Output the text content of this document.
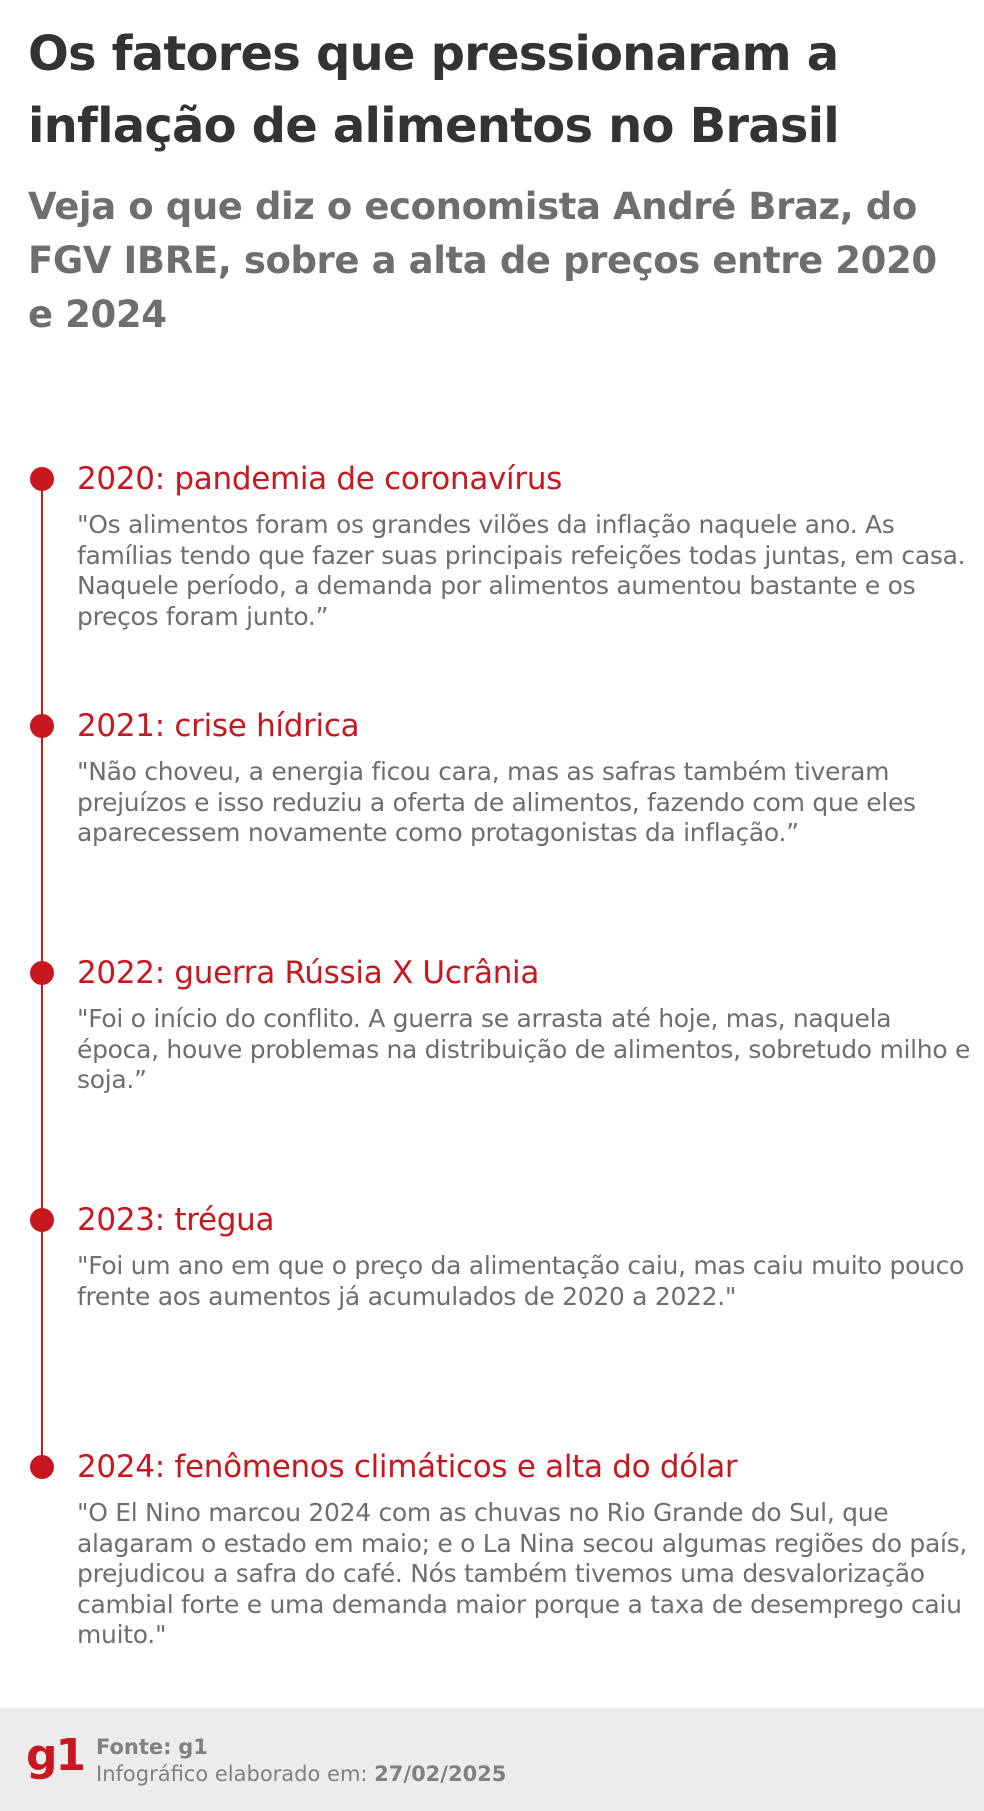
Os fatores que pressionaram a inflação de alimentos no Brasil
Veja o que diz o economista André Braz, do FGV IBRE, sobre a alta de preços entre 2020 e 2024
2020: pandemia de coronavírus
"Os alimentos foram os grandes vilões da inflação naquele ano. As famílias tendo que fazer suas principais refeições todas juntas, em casa. Naquele período, a demanda por alimentos aumentou bastante e os preços foram junto.”
2021: crise hídrica
"Não choveu, a energia ficou cara, mas as safras também tiveram prejuízos e isso reduziu a oferta de alimentos, fazendo com que eles aparecessem novamente como protagonistas da inflação.”
2022: guerra Rússia X Ucrânia
"Foi o início do conflito. A guerra se arrasta até hoje, mas, naquela época, houve problemas na distribuição de alimentos, sobretudo milho e soja.”
2023: trégua
"Foi um ano em que o preço da alimentação caiu, mas caiu muito pouco frente aos aumentos já acumulados de 2020 a 2022."
2024: fenômenos climáticos e alta do dólar
"O El Nino marcou 2024 com as chuvas no Rio Grande do Sul, que alagaram o estado em maio; e o La Nina secou algumas regiões do país, prejudicou a safra do café. Nós também tivemos uma desvalorização cambial forte e uma demanda maior porque a taxa de desemprego caiu muito."
g1 Fonte: g1
Infográfico elaborado em: 27/02/2025
